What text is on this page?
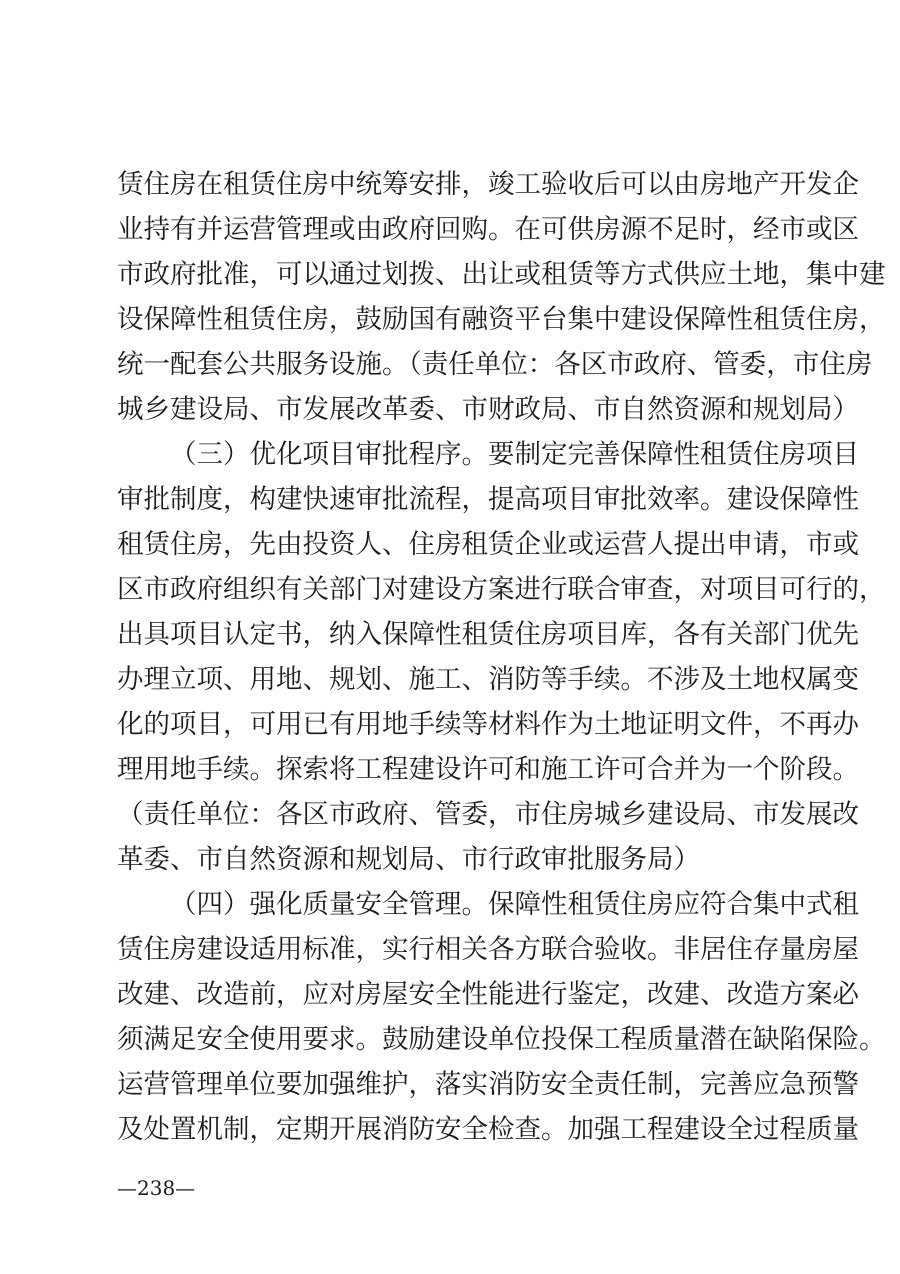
赁住房在租赁住房中统筹安排，竣工验收后可以由房地产开发企
业持有并运营管理或由政府回购。在可供房源不足时，经市或区
市政府批准，可以通过划拨、出让或租赁等方式供应土地，集中建
设保障性租赁住房，鼓励国有融资平台集中建设保障性租赁住房，
统一配套公共服务设施。（责任单位：各区市政府、管委，市住房
城乡建设局、市发展改革委、市财政局、市自然资源和规划局）
（三）优化项目审批程序。要制定完善保障性租赁住房项目
审批制度，构建快速审批流程，提高项目审批效率。建设保障性
租赁住房，先由投资人、住房租赁企业或运营人提出申请，市或
区市政府组织有关部门对建设方案进行联合审查，对项目可行的，
出具项目认定书，纳入保障性租赁住房项目库，各有关部门优先
办理立项、用地、规划、施工、消防等手续。不涉及土地权属变
化的项目，可用已有用地手续等材料作为土地证明文件，不再办
理用地手续。探索将工程建设许可和施工许可合并为一个阶段。
（责任单位：各区市政府、管委，市住房城乡建设局、市发展改
革委、市自然资源和规划局、市行政审批服务局）
（四）强化质量安全管理。保障性租赁住房应符合集中式租
赁住房建设适用标准，实行相关各方联合验收。非居住存量房屋
改建、改造前，应对房屋安全性能进行鉴定，改建、改造方案必
须满足安全使用要求。鼓励建设单位投保工程质量潜在缺陷保险。
运营管理单位要加强维护，落实消防安全责任制，完善应急预警
及处置机制，定期开展消防安全检查。加强工程建设全过程质量
—238—
